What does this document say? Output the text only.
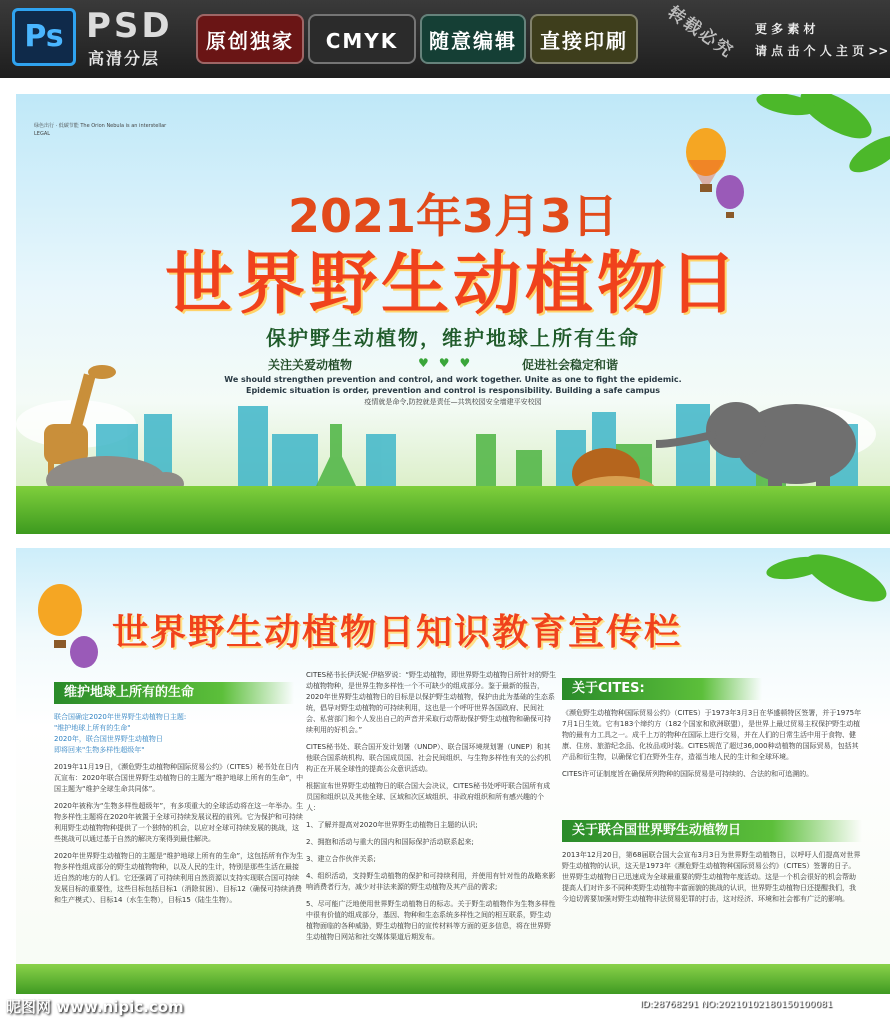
Ps PSD
高清分层
原创独家	CMYK	随意编辑	直接印刷	转载必究 更 多 素 材
请 点 击 个 人 主 页 >>
绿色出行 · 低碳节能 The Orion Nebula is an interstellar LEGAL
2021年3月3日
世界野生动植物日
保护野生动植物，维护地球上所有生命
关注关爱动植物	♥♥♥	促进社会稳定和谐
We should strengthen prevention and control, and work together. Unite as one to fight the epidemic.
Epidemic situation is order, prevention and control is responsibility. Building a safe campus
疫情就是命令,防控就是责任—共筑校园安全墙建平安校园
世界野生动植物日知识教育宣传栏
维护地球上所有的生命

联合国确定2020年世界野生动植物日主题:
"维护地球上所有的生命"
2020年，联合国世界野生动植物日
即将回来"生物多样性超级年"

2019年11月19日，《濒危野生动植物种国际贸易公约》（CITES）秘书处在日内瓦宣布：2020年联合国世界野生动植物日的主题为“维护地球上所有的生命”，中国主题为“维护全球生命共同体”。

2020年被称为“生物多样性超级年”，有多项重大的全球活动将在这一年举办。生物多样性主题将在2020年被置于全球可持续发展议程的前列。它为保护和可持续利用野生动植物物种提供了一个独特的机会，以应对全球可持续发展的挑战，这些挑战可以通过基于自然的解决方案得到最佳解决。

2020年世界野生动植物日的主题是“维护地球上所有的生命”，这包括所有作为生物多样性组成部分的野生动植物物种，以及人民的生计，特别是那些生活在最接近自然的地方的人们。它还强调了可持续利用自然资源以支持实现联合国可持续发展目标的重要性，这些目标包括目标1（消除贫困）、目标12（确保可持续消费和生产模式）、目标14（水生生物），目标15（陆生生物）。

CITES秘书长伊沃妮·伊格罗说：“野生动植物，即世界野生动植物日所针对的野生动植物物种，是世界生物多样性一个不可缺少的组成部分。鉴于最新的报告，2020年世界野生动植物日的目标是以保护野生动植物，保护由此为基础的生态系统，倡导对野生动植物的可持续利用，这也是一个呼吁世界各国政府、民间社会、私营部门和个人发出自己的声音并采取行动帮助保护野生动植物和确保可持续利用的好机会。”

CITES秘书处、联合国开发计划署（UNDP）、联合国环境规划署（UNEP）和其他联合国系统机构、联合国成员国、社会民间组织、与生物多样性有关的公约机构正在开展全球性的提高公众意识活动。

根据宣布世界野生动植物日的联合国大会决议，CITES秘书处呼吁联合国所有成员国和组织以及其他全球、区域和次区域组织、非政府组织和所有感兴趣的个人：

1、了解并提高对2020年世界野生动植物日主题的认识;

2、拥抱和活动与重大的国内和国际保护活动联系起来;

3、建立合作伙伴关系;

4、组织活动，支持野生动植物的保护和可持续利用，并使用有针对性的战略来影响消费者行为，减少对非法来源的野生动植物及其产品的需求;

5、尽可能广泛地使用世界野生动植物日的标志。关于野生动植物作为生物多样性中很有价值的组成部分，基因、物种和生态系统多样性之间的相互联系，野生动植物面临的各种威胁，野生动植物日的宣传材料等方面的更多信息，将在世界野生动植物日网站和社交媒体渠道后期发布。

关于CITES:

《濒危野生动植物种国际贸易公约》（CITES）于1973年3月3日在华盛顿特区签署，并于1975年7月1日生效。它有183个缔约方（182个国家和欧洲联盟），是世界上最过贸易主权保护野生动植物的最有力工具之一。成千上万的物种在国际上进行交易，并在人们的日常生活中用于食物、健康、住房、旅游纪念品、化妆品或时装。CITES规范了超过36,000种动植物的国际贸易，包括其产品和衍生物，以确保它们在野外生存，造福当地人民的生计和全球环境。

CITES许可证制度旨在确保所列物种的国际贸易是可持续的、合法的和可追溯的。

关于联合国世界野生动植物日

2013年12月20日，第68届联合国大会宣布3月3日为世界野生动植物日，以呼吁人们提高对世界野生动植物的认识，这天是1973年《濒危野生动植物种国际贸易公约》（CITES）签署的日子。世界野生动植物日已迅速成为全球最重要的野生动植物年度活动。这是一个机会很好的机会帮助提高人们对许多不同种类野生动植物丰富面貌的挑战的认识，世界野生动植物日还提醒我们，我今迫切需要加强对野生动植物非法贸易犯罪的打击，这对经济、环境和社会都有广泛的影响。

昵图网 www.nipic.com	ID:28768291 NO:20210102180150100081
